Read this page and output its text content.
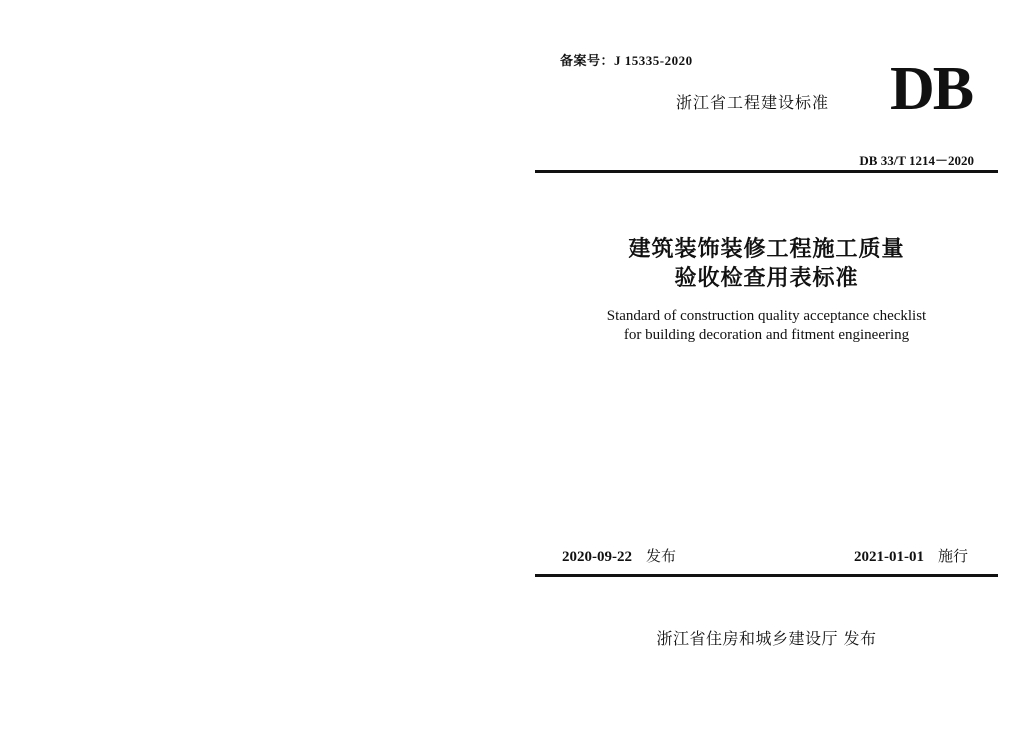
备案号：J 15335-2020
浙江省工程建设标准 DB
DB 33/T 1214－2020
建筑装饰装修工程施工质量
验收检查用表标准
Standard of construction quality acceptance checklist
for building decoration and fitment engineering
2020-09-22 发布	2021-01-01 施行
浙江省住房和城乡建设厅 发布
